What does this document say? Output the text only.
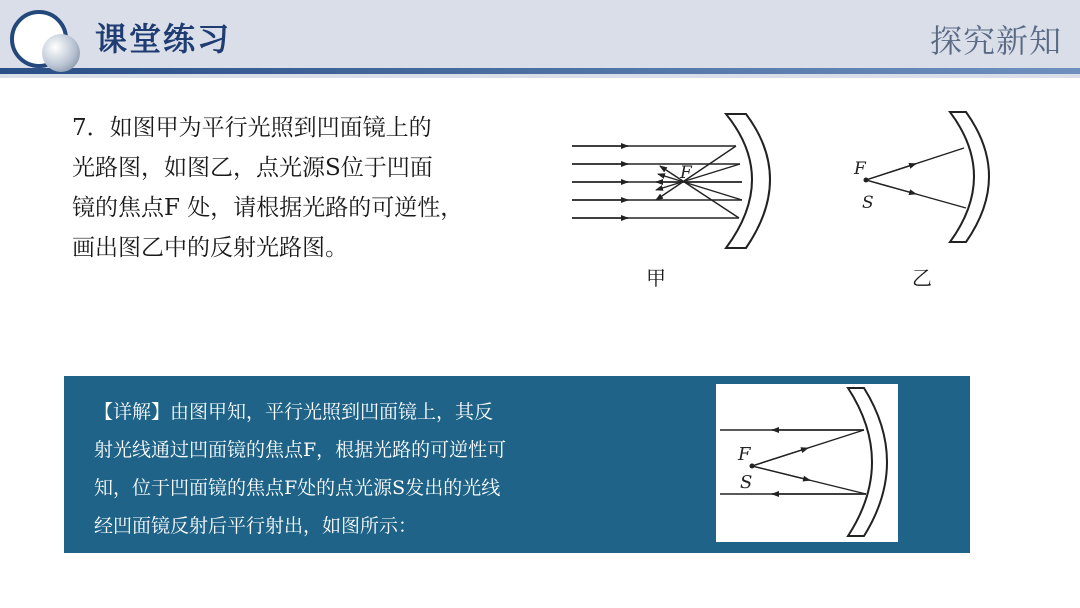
课堂练习	探究新知

7．如图甲为平行光照到凹面镜上的

光路图，如图乙，点光源S位于凹面

镜的焦点F 处，请根据光路的可逆性，

画出图乙中的反射光路图。

F
甲
F
S
乙

【详解】由图甲知，平行光照到凹面镜上，其反

射光线通过凹面镜的焦点F，根据光路的可逆性可

知，位于凹面镜的焦点F处的点光源S发出的光线

经凹面镜反射后平行射出，如图所示：

F
S
